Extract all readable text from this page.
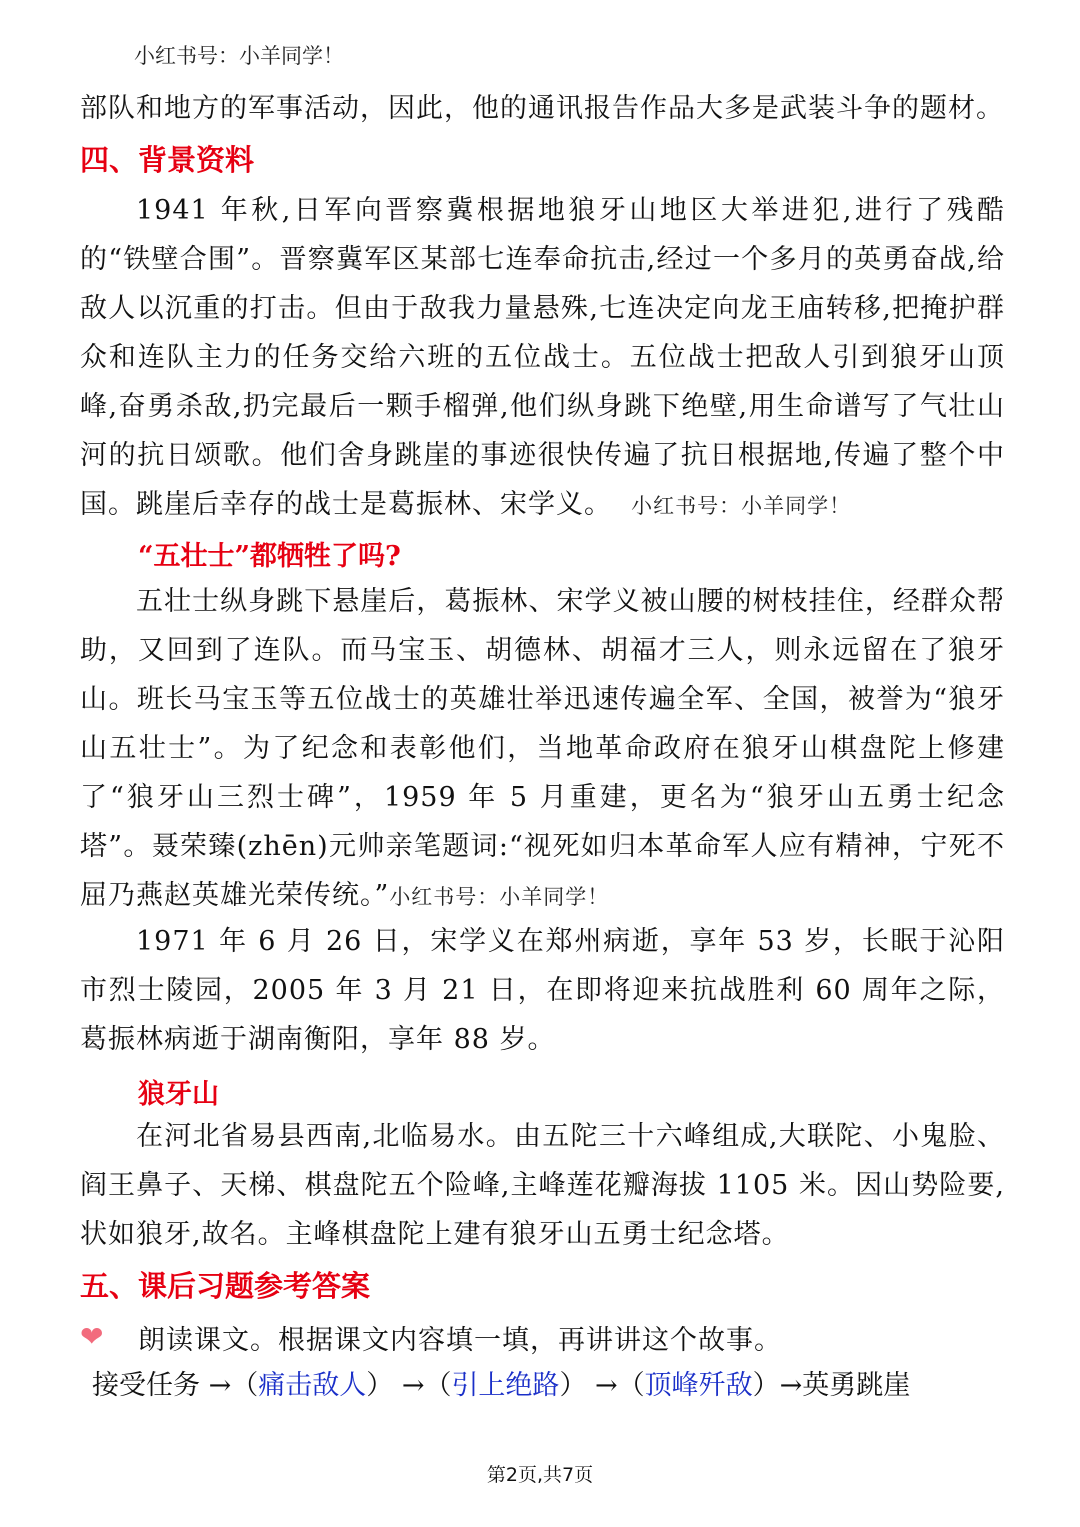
小红书号：小羊同学！
部队和地方的军事活动，因此，他的通讯报告作品大多是武装斗争的题材。
四、背景资料

1941 年秋,日军向晋察冀根据地狼牙山地区大举进犯,进行了残酷的“铁壁合围”。晋察冀军区某部七连奉命抗击,经过一个多月的英勇奋战,给敌人以沉重的打击。但由于敌我力量悬殊,七连决定向龙王庙转移,把掩护群众和连队主力的任务交给六班的五位战士。五位战士把敌人引到狼牙山顶峰,奋勇杀敌,扔完最后一颗手榴弹,他们纵身跳下绝壁,用生命谱写了气壮山河的抗日颂歌。他们舍身跳崖的事迹很快传遍了抗日根据地,传遍了整个中国。跳崖后幸存的战士是葛振林、宋学义。 小红书号：小羊同学！

“五壮士”都牺牲了吗?

五壮士纵身跳下悬崖后，葛振林、宋学义被山腰的树枝挂住，经群众帮助，又回到了连队。而马宝玉、胡德林、胡福才三人，则永远留在了狼牙山。班长马宝玉等五位战士的英雄壮举迅速传遍全军、全国，被誉为“狼牙山五壮士”。为了纪念和表彰他们，当地革命政府在狼牙山棋盘陀上修建了“狼牙山三烈士碑”，1959 年 5 月重建，更名为“狼牙山五勇士纪念塔”。聂荣臻(zhēn)元帅亲笔题词:“视死如归本革命军人应有精神，宁死不屈乃燕赵英雄光荣传统。”小红书号：小羊同学！

1971 年 6 月 26 日，宋学义在郑州病逝，享年 53 岁，长眠于沁阳市烈士陵园，2005 年 3 月 21 日，在即将迎来抗战胜利 60 周年之际，葛振林病逝于湖南衡阳，享年 88 岁。

狼牙山

在河北省易县西南,北临易水。由五陀三十六峰组成,大联陀、小鬼脸、阎王鼻子、天梯、棋盘陀五个险峰,主峰莲花瓣海拔 1105 米。因山势险要,状如狼牙,故名。主峰棋盘陀上建有狼牙山五勇士纪念塔。

五、课后习题参考答案
❤ 朗读课文。根据课文内容填一填，再讲讲这个故事。
接受任务 →（痛击敌人） →（引上绝路） →（顶峰歼敌）→英勇跳崖
第2页,共7页
